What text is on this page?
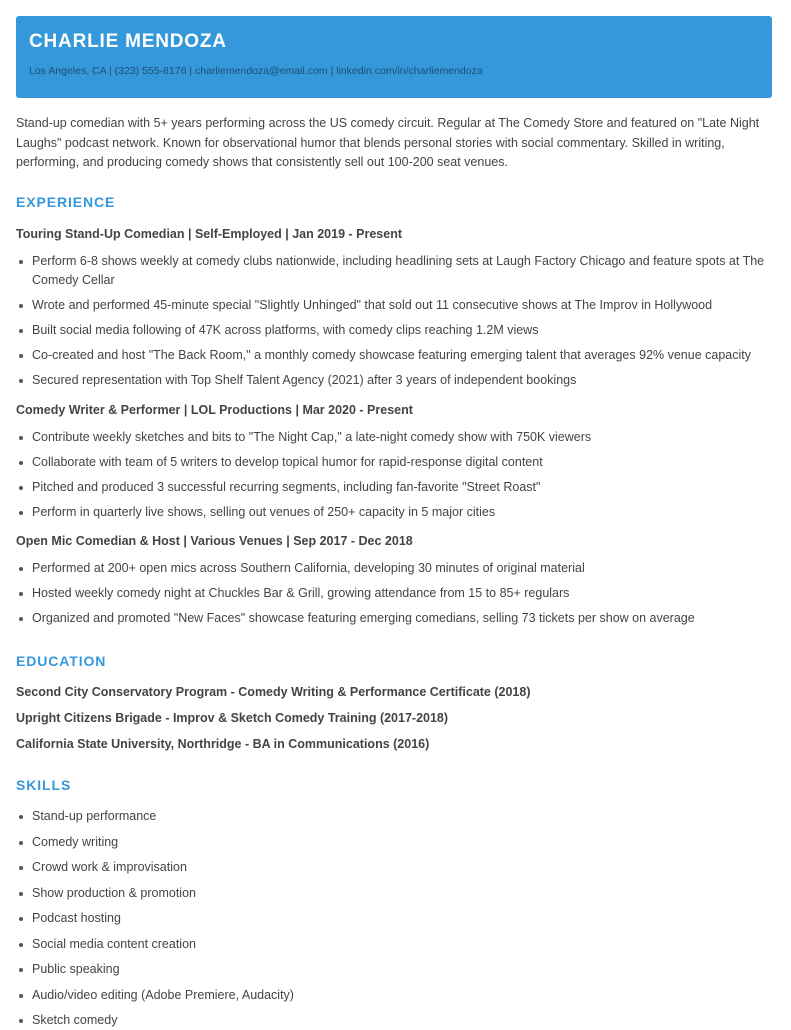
CHARLIE MENDOZA
Los Angeles, CA | (323) 555-8176 | charliemendoza@email.com | linkedin.com/in/charliemendoza
Stand-up comedian with 5+ years performing across the US comedy circuit. Regular at The Comedy Store and featured on "Late Night Laughs" podcast network. Known for observational humor that blends personal stories with social commentary. Skilled in writing, performing, and producing comedy shows that consistently sell out 100-200 seat venues.
EXPERIENCE
Touring Stand-Up Comedian | Self-Employed | Jan 2019 - Present
Perform 6-8 shows weekly at comedy clubs nationwide, including headlining sets at Laugh Factory Chicago and feature spots at The Comedy Cellar
Wrote and performed 45-minute special "Slightly Unhinged" that sold out 11 consecutive shows at The Improv in Hollywood
Built social media following of 47K across platforms, with comedy clips reaching 1.2M views
Co-created and host "The Back Room," a monthly comedy showcase featuring emerging talent that averages 92% venue capacity
Secured representation with Top Shelf Talent Agency (2021) after 3 years of independent bookings
Comedy Writer & Performer | LOL Productions | Mar 2020 - Present
Contribute weekly sketches and bits to "The Night Cap," a late-night comedy show with 750K viewers
Collaborate with team of 5 writers to develop topical humor for rapid-response digital content
Pitched and produced 3 successful recurring segments, including fan-favorite "Street Roast"
Perform in quarterly live shows, selling out venues of 250+ capacity in 5 major cities
Open Mic Comedian & Host | Various Venues | Sep 2017 - Dec 2018
Performed at 200+ open mics across Southern California, developing 30 minutes of original material
Hosted weekly comedy night at Chuckles Bar & Grill, growing attendance from 15 to 85+ regulars
Organized and promoted "New Faces" showcase featuring emerging comedians, selling 73 tickets per show on average
EDUCATION
Second City Conservatory Program - Comedy Writing & Performance Certificate (2018)
Upright Citizens Brigade - Improv & Sketch Comedy Training (2017-2018)
California State University, Northridge - BA in Communications (2016)
SKILLS
Stand-up performance
Comedy writing
Crowd work & improvisation
Show production & promotion
Podcast hosting
Social media content creation
Public speaking
Audio/video editing (Adobe Premiere, Audacity)
Sketch comedy
